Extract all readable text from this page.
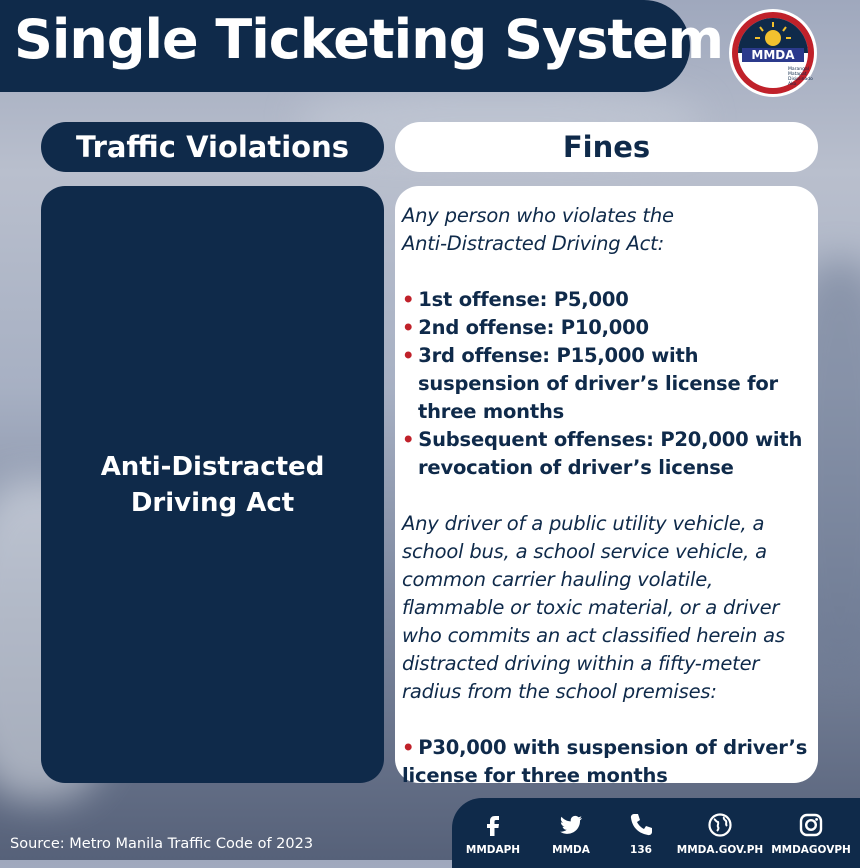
Single Ticketing System MMDA
Marangal
Matapat
Disiplinado
Ako.
Traffic Violations	Fines
Anti-Distracted Driving Act
Any person who violates the Anti-Distracted Driving Act:
• 1st offense: P5,000
• 2nd offense: P10,000
• 3rd offense: P15,000 with suspension of driver’s license for three months
• Subsequent offenses: P20,000 with revocation of driver’s license
Any driver of a public utility vehicle, a school bus, a school service vehicle, a common carrier hauling volatile, flammable or toxic material, or a driver who commits an act classified herein as distracted driving within a fifty-meter radius from the school premises:
• P30,000 with suspension of driver’s license for three months
Source: Metro Manila Traffic Code of 2023	MMDAPH	MMDA	136	MMDA.GOV.PH MMDAGOVPH
